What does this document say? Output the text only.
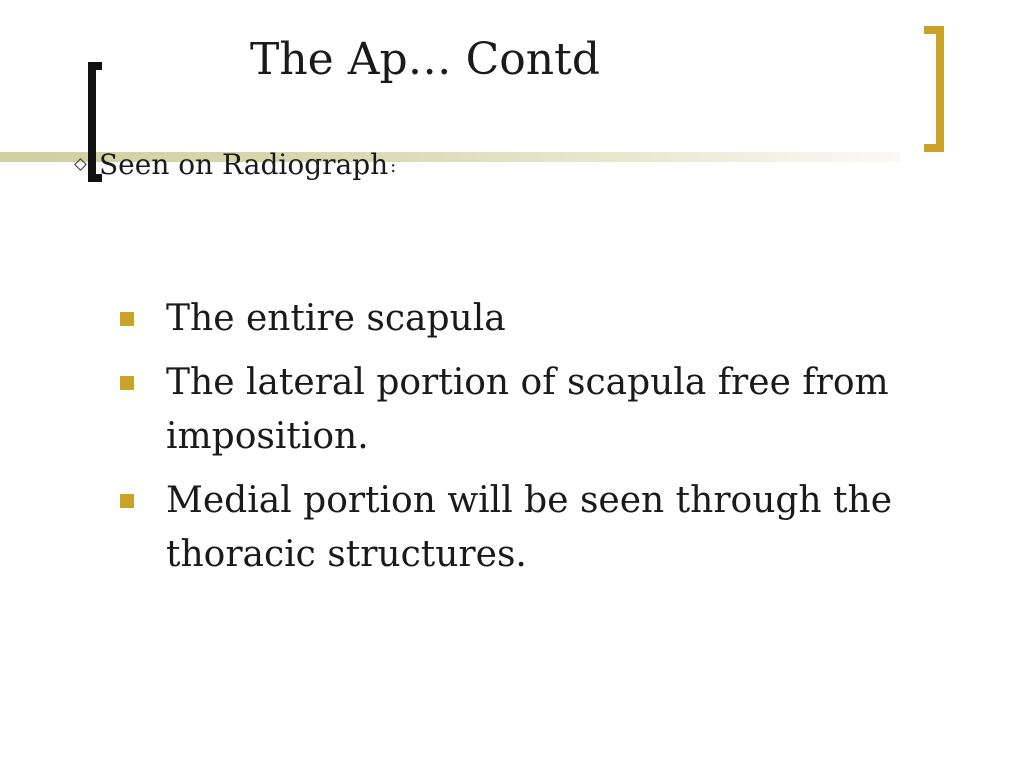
The Ap… Contd
Seen on Radiograph :
The entire scapula
The lateral portion of scapula free from imposition.
Medial portion will be seen through the thoracic structures.
